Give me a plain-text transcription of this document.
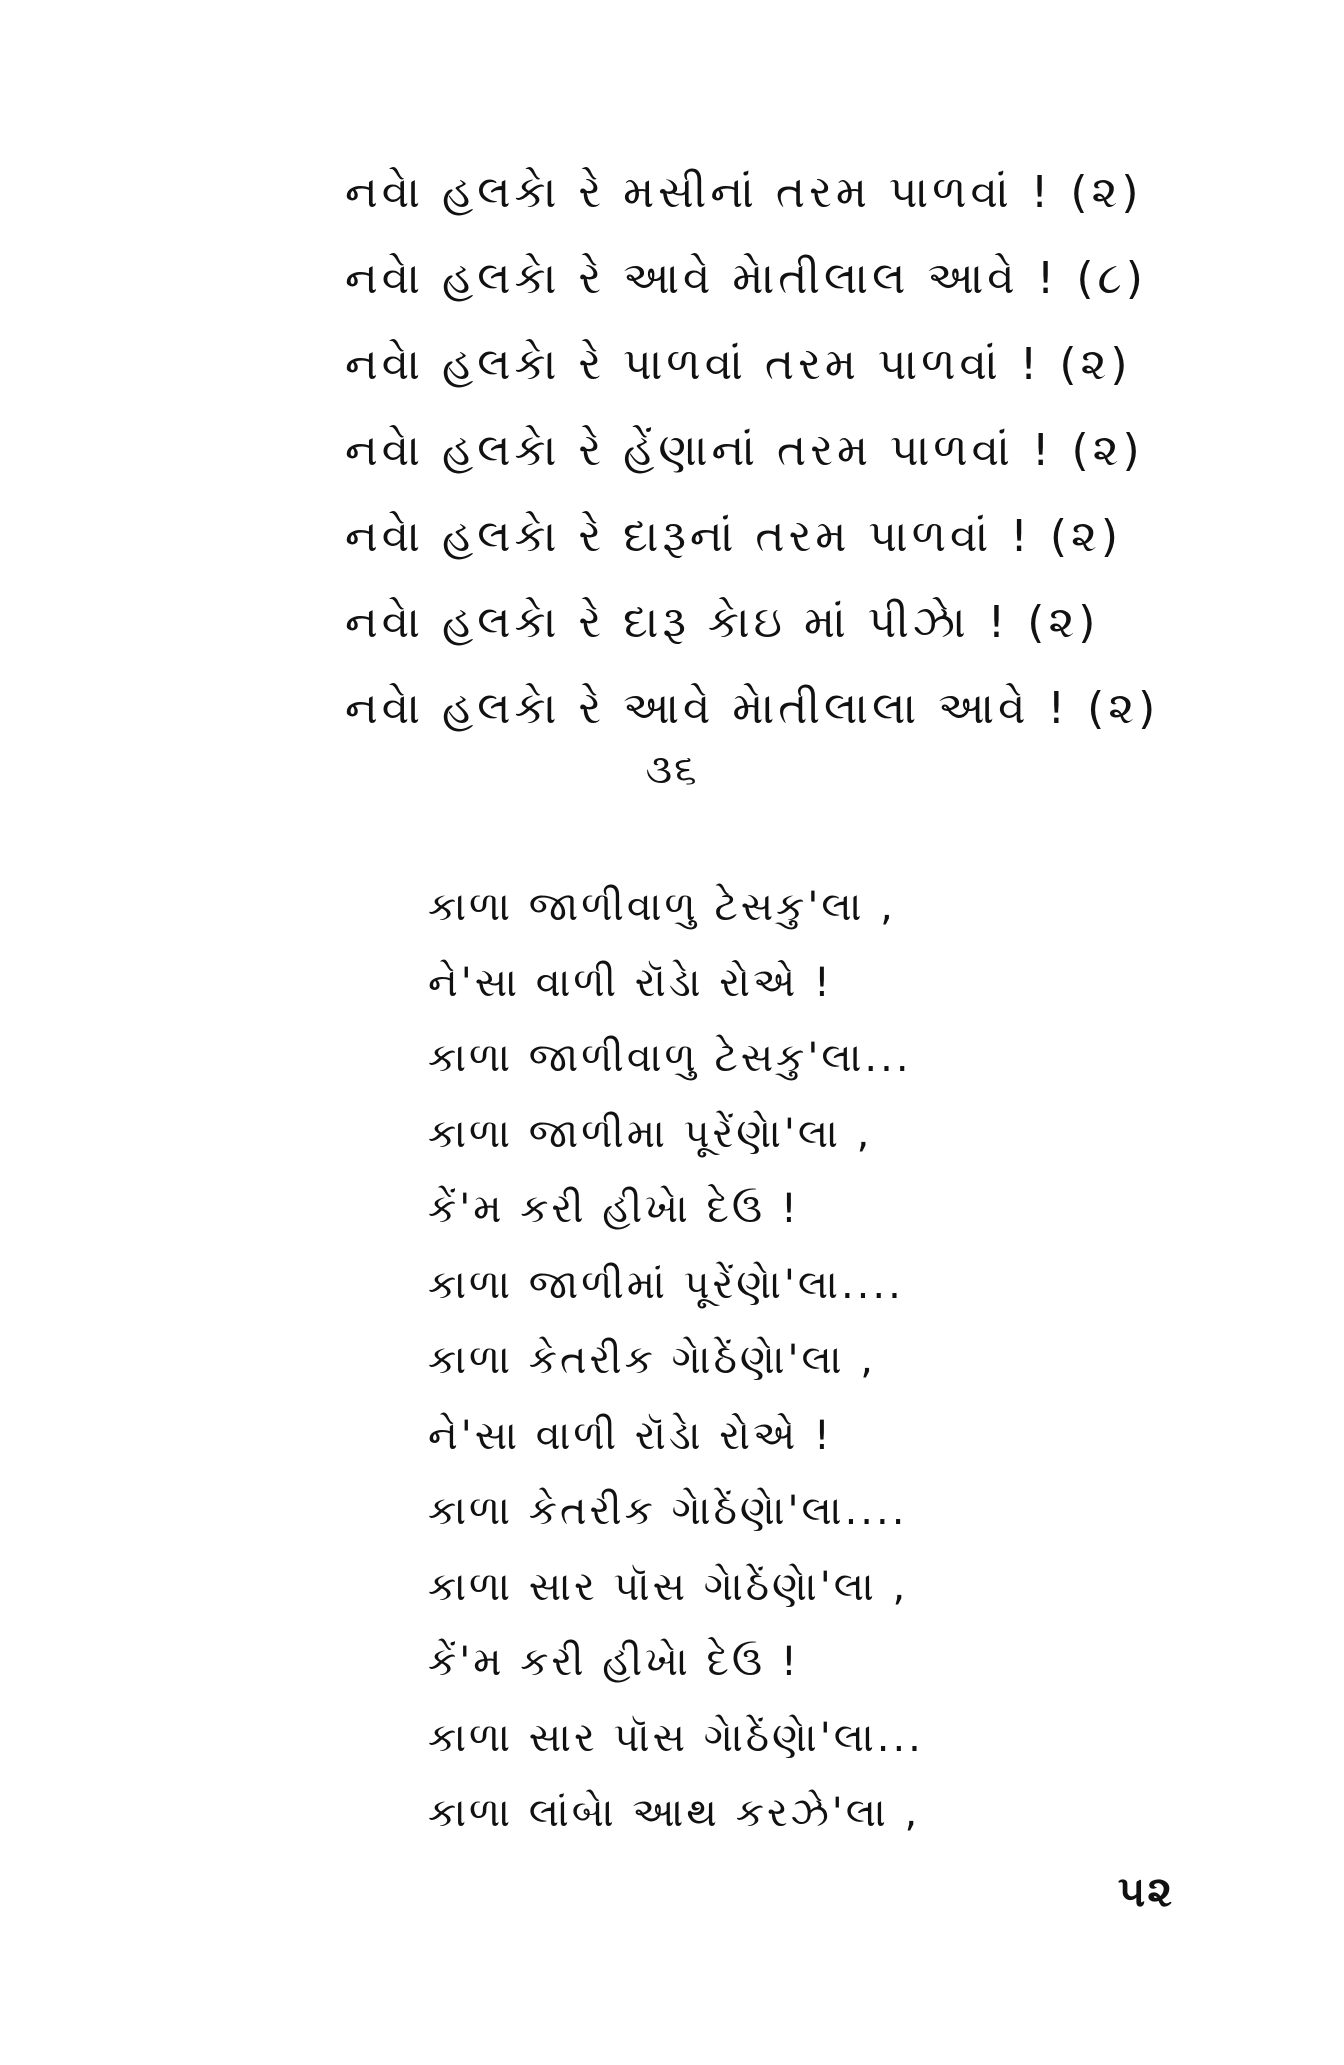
નવેા હલકેા રે મસીનાં તરમ પાળવાં ! (૨)
નવેા હલકેા રે આવે મેાતીલાલ આવે ! (૮)
નવેા હલકેા રે પાળવાં તરમ પાળવાં ! (૨)
નવેા હલકેા રે હેંણાનાં તરમ પાળવાં ! (૨)
નવેા હલકેા રે દારૂનાં તરમ પાળવાં ! (૨)
નવેા હલકેા રે દારૂ કેાઇ માં પીઝેા ! (૨)
નવેા હલકેા રે આવે મેાતીલાલા આવે ! (૨)
૩૬
કાળા જાળીવાળુ ટેસકુ'લા ,
ને'સા વાળી રૉડેા રોએ !
કાળા જાળીવાળુ ટેસકુ'લા...
કાળા જાળીમા પૂરેંણેા'લા ,
કેં'મ કરી હીખેા દેઉ !
કાળા જાળીમાં પૂરેંણેા'લા....
કાળા કેતરીક ગેાઠેંણેા'લા ,
ને'સા વાળી રૉડેા રોએ !
કાળા કેતરીક ગેાઠેંણેા'લા....
કાળા સાર પૉસ ગેાઠેંણેા'લા ,
કેં'મ કરી હીખેા દેઉ !
કાળા સાર પૉસ ગેાઠેંણેા'લા...
કાળા લાંબેા આથ કરઝે'લા ,
૫૨
